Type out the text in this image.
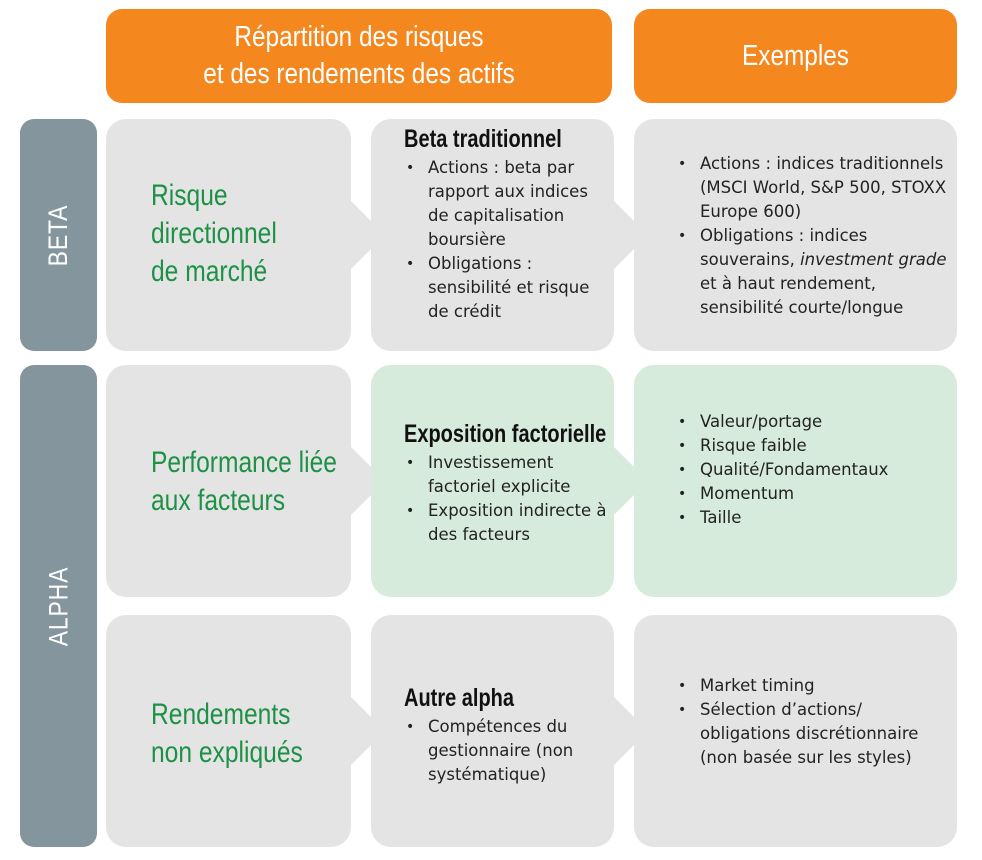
Répartition des risques
et des rendements des actifs
Exemples
BETA
ALPHA
Risque
directionnel
de marché
Beta traditionnel
• Actions : beta par rapport aux indices de capitalisation boursière
• Obligations : sensibilité et risque de crédit
• Actions : indices traditionnels (MSCI World, S&P 500, STOXX Europe 600)
• Obligations : indices souverains, investment grade et à haut rendement, sensibilité courte/longue
Performance liée
aux facteurs
Exposition factorielle
• Investissement factoriel explicite
• Exposition indirecte à des facteurs
• Valeur/portage
• Risque faible
• Qualité/Fondamentaux
• Momentum
• Taille
Rendements
non expliqués
Autre alpha
• Compétences du gestionnaire (non systématique)
• Market timing
• Sélection d’actions/ obligations discrétionnaire (non basée sur les styles)
